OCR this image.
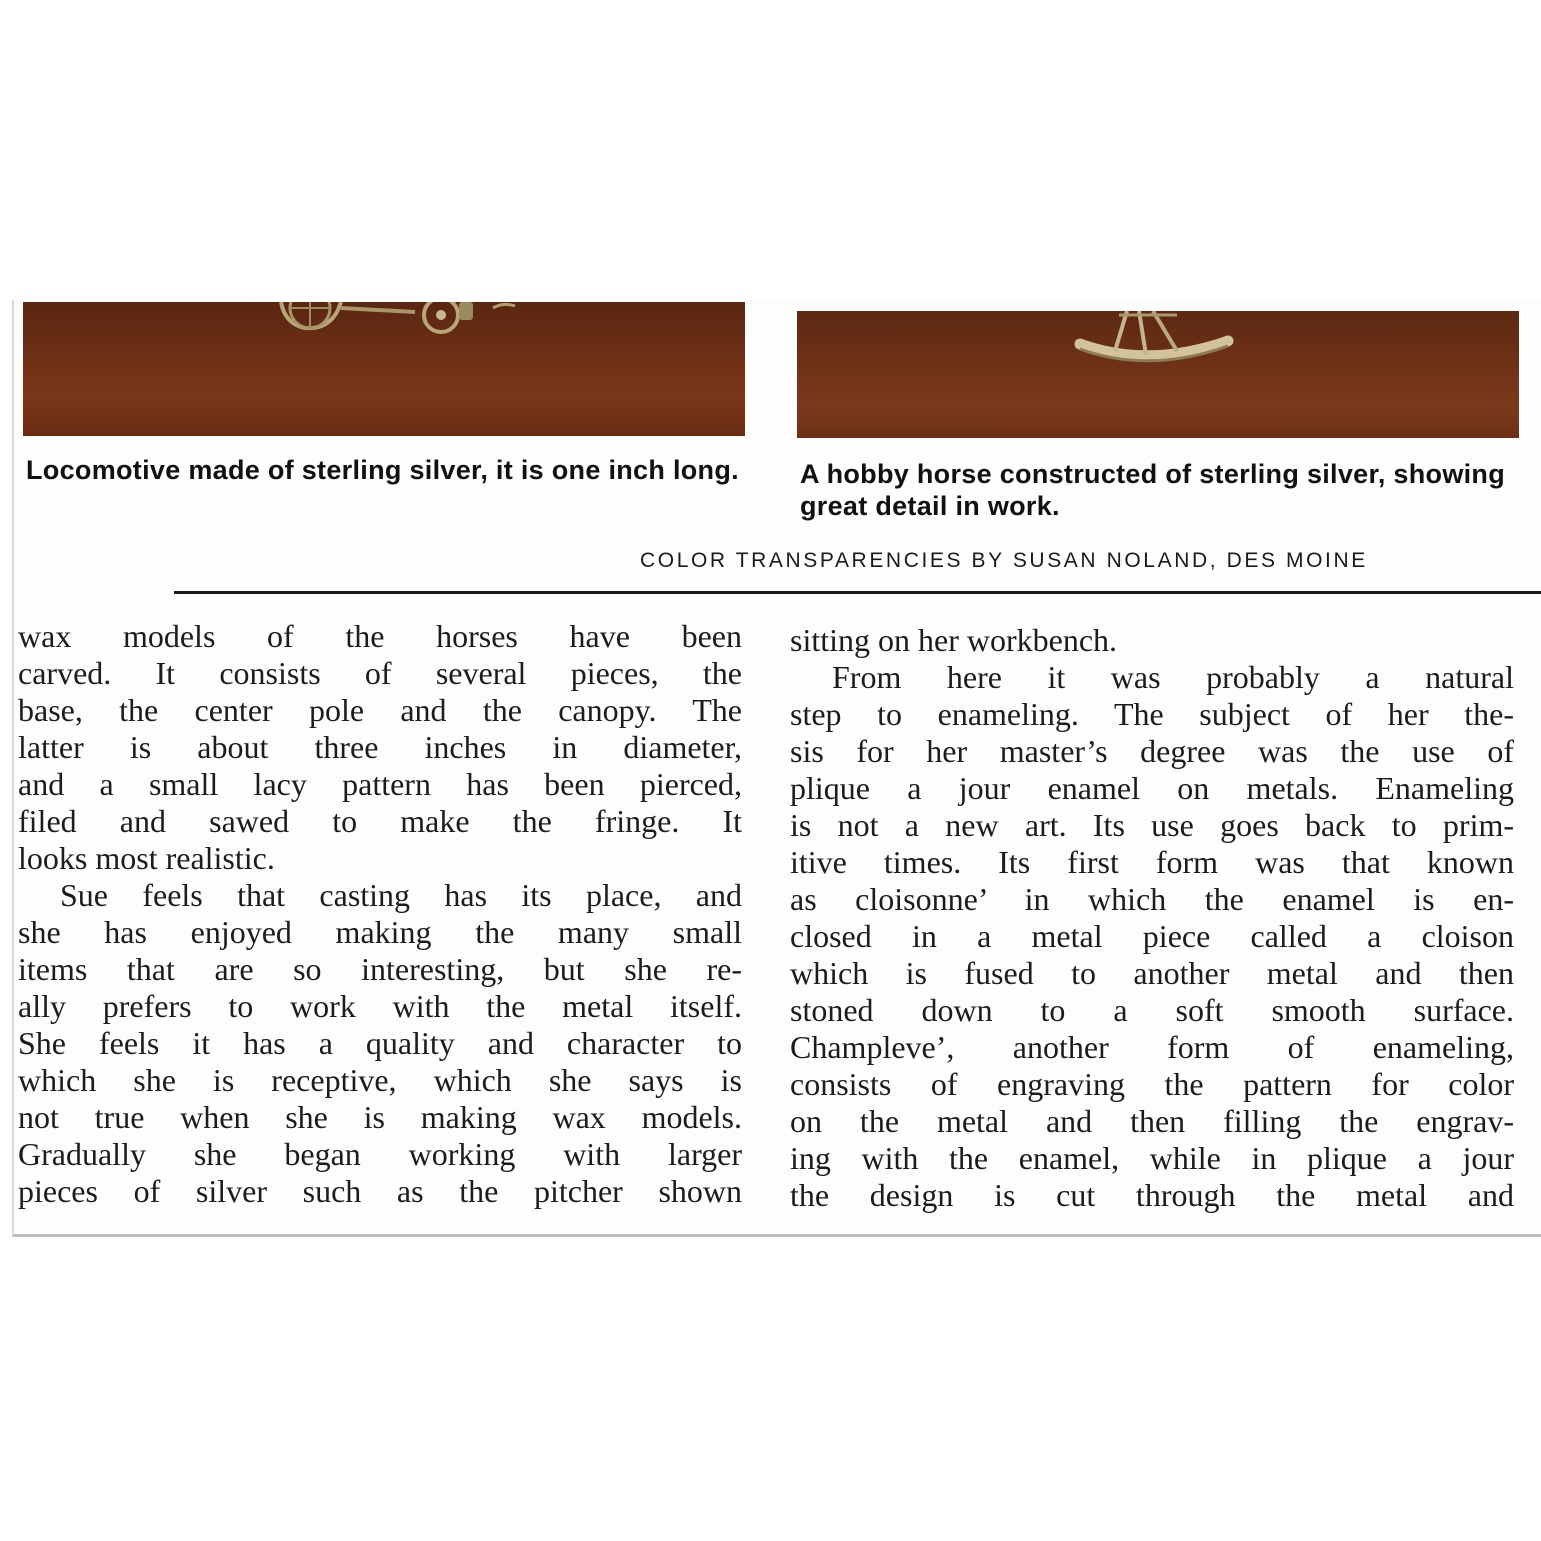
Locomotive made of sterling silver, it is one inch long.	A hobby horse constructed of sterling silver, showing great detail in work.
COLOR TRANSPARENCIES BY SUSAN NOLAND, DES MOINE
wax models of the horses have been
carved. It consists of several pieces, the
base, the center pole and the canopy. The
latter is about three inches in diameter,
and a small lacy pattern has been pierced,
filed and sawed to make the fringe. It
looks most realistic.
Sue feels that casting has its place, and
she has enjoyed making the many small
items that are so interesting, but she re-
ally prefers to work with the metal itself.
She feels it has a quality and character to
which she is receptive, which she says is
not true when she is making wax models.
Gradually she began working with larger
pieces of silver such as the pitcher shown
sitting on her workbench.
From here it was probably a natural
step to enameling. The subject of her the-
sis for her master’s degree was the use of
plique a jour enamel on metals. Enameling
is not a new art. Its use goes back to prim-
itive times. Its first form was that known
as cloisonne’ in which the enamel is en-
closed in a metal piece called a cloison
which is fused to another metal and then
stoned down to a soft smooth surface.
Champleve’, another form of enameling,
consists of engraving the pattern for color
on the metal and then filling the engrav-
ing with the enamel, while in plique a jour
the design is cut through the metal and
